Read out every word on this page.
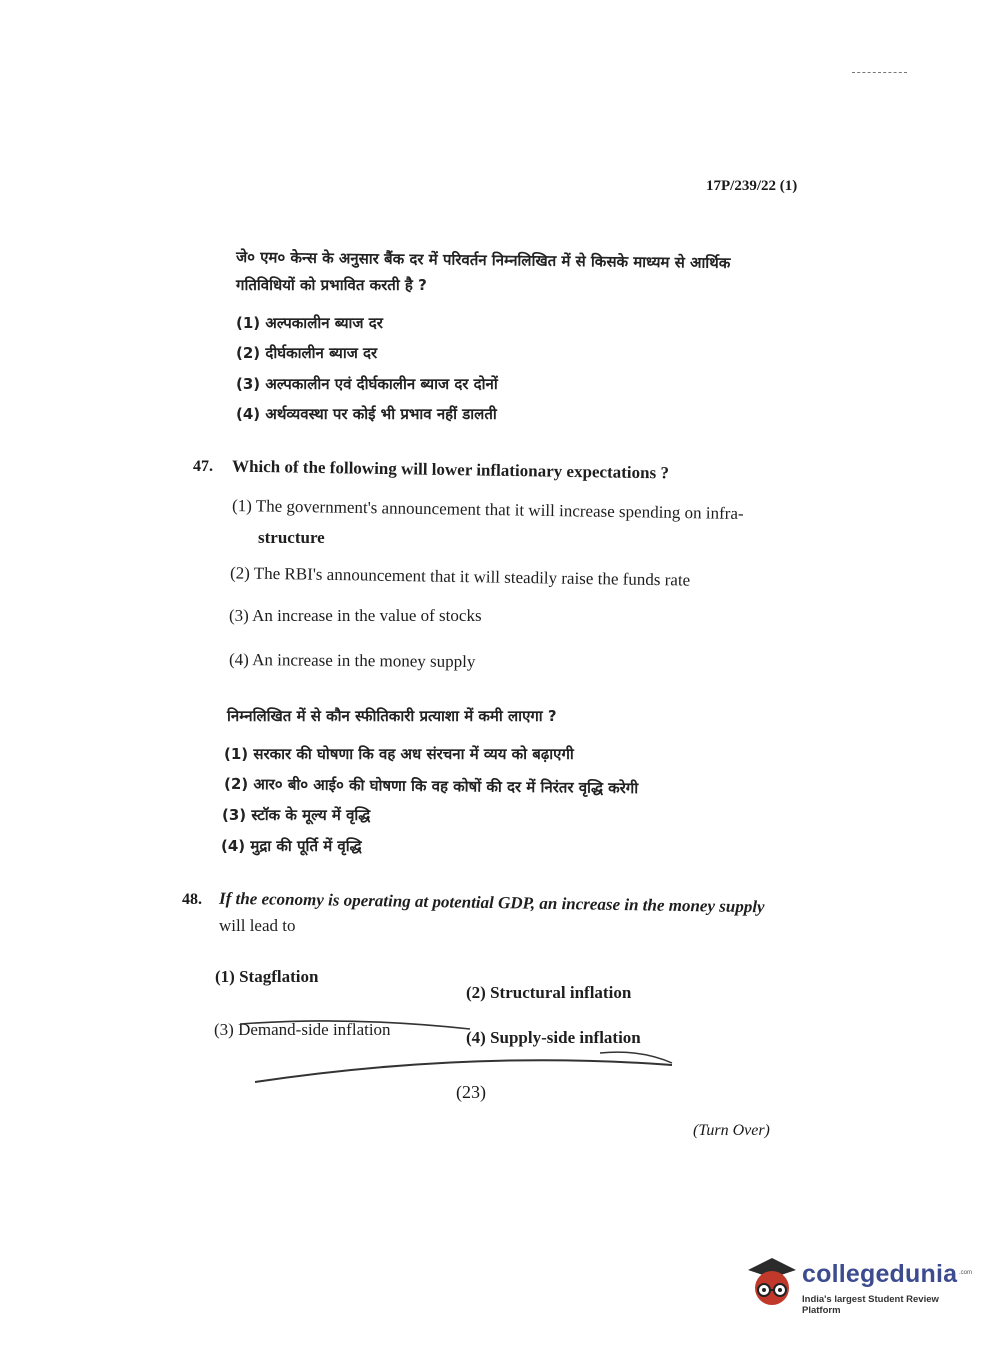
17P/239/22 (1)
जे० एम० केन्स के अनुसार बैंक दर में परिवर्तन निम्नलिखित में से किसके माध्यम से आर्थिक
गतिविधियों को प्रभावित करती है ?
(1) अल्पकालीन ब्याज दर
(2) दीर्घकालीन ब्याज दर
(3) अल्पकालीन एवं दीर्घकालीन ब्याज दर दोनों
(4) अर्थव्यवस्था पर कोई भी प्रभाव नहीं डालती
47. Which of the following will lower inflationary expectations ?
(1) The government's announcement that it will increase spending on infra-
structure
(2) The RBI's announcement that it will steadily raise the funds rate
(3) An increase in the value of stocks
(4) An increase in the money supply
निम्नलिखित में से कौन स्फीतिकारी प्रत्याशा में कमी लाएगा ?
(1) सरकार की घोषणा कि वह अध संरचना में व्यय को बढ़ाएगी
(2) आर० बी० आई० की घोषणा कि वह कोषों की दर में निरंतर वृद्धि करेगी
(3) स्टॉक के मूल्य में वृद्धि
(4) मुद्रा की पूर्ति में वृद्धि
48. If the economy is operating at potential GDP, an increase in the money supply
will lead to
(1) Stagflation
(2) Structural inflation
(3) Demand-side inflation	(4) Supply-side inflation
(23)
(Turn Over)
collegedunia .com
India's largest Student Review Platform
